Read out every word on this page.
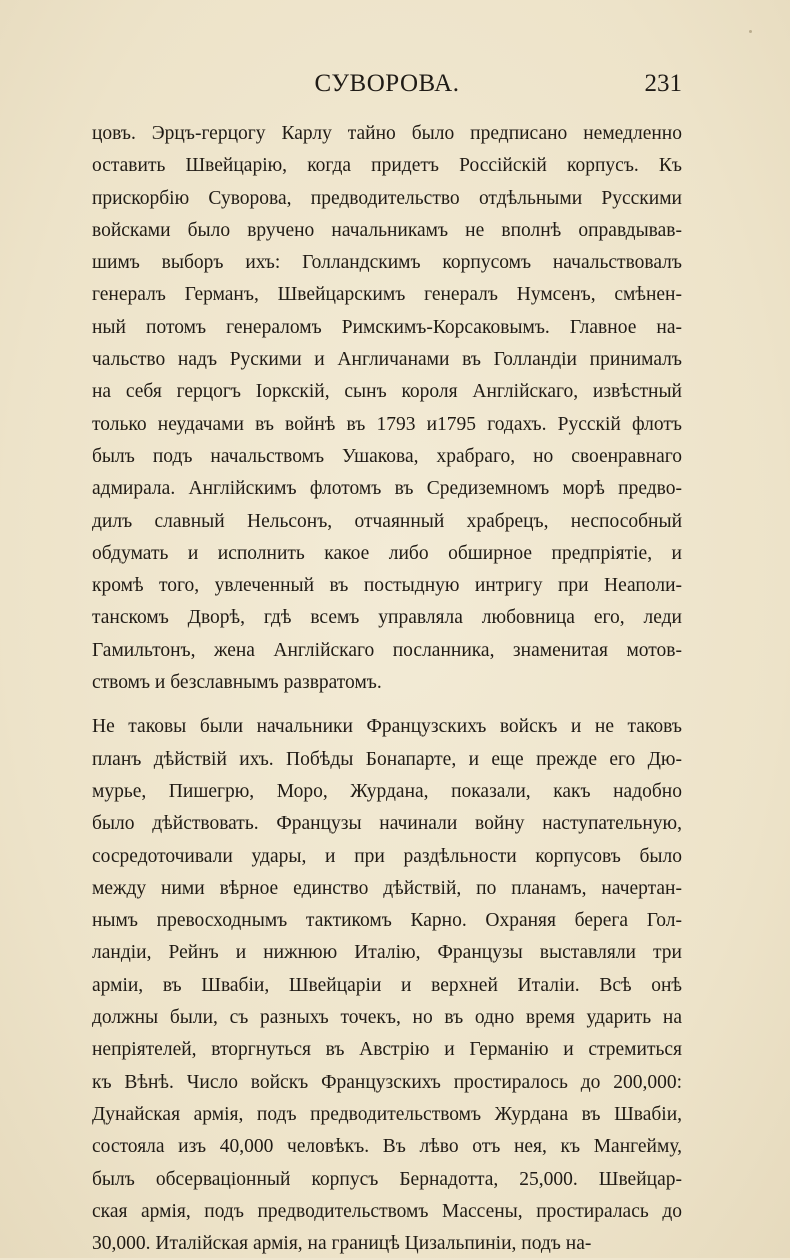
СУВОРОВА.	231

цовъ. Эрцъ-герцогу Карлу тайно было предписано немедленно
оставить Швейцарію, когда придетъ Россійскій корпусъ. Къ
прискорбію Суворова, предводительство отдѣльными Русскими
войсками было вручено начальникамъ не вполнѣ оправдывав-
шимъ выборъ ихъ: Голландскимъ корпусомъ начальствовалъ
генералъ Германъ, Швейцарскимъ генералъ Нумсенъ, смѣнен-
ный потомъ генераломъ Римскимъ-Корсаковымъ. Главное на-
чальство надъ Рускими и Англичанами въ Голландіи принималъ
на себя герцогъ Іоркскій, сынъ короля Англійскаго, извѣстный
только неудачами въ войнѣ въ 1793 и1795 годахъ. Русскій флотъ
былъ подъ начальствомъ Ушакова, храбраго, но своенравнаго
адмирала. Англійскимъ флотомъ въ Средиземномъ морѣ предво-
дилъ славный Нельсонъ, отчаянный храбрецъ, неспособный
обдумать и исполнить какое либо обширное предпріятіе, и
кромѣ того, увлеченный въ постыдную интригу при Неаполи-
танскомъ Дворѣ, гдѣ всемъ управляла любовница его, леди
Гамильтонъ, жена Англійскаго посланника, знаменитая мотов-
ствомъ и безславнымъ развратомъ.

Не таковы были начальники Французскихъ войскъ и не таковъ
планъ дѣйствій ихъ. Побѣды Бонапарте, и еще прежде его Дю-
мурье, Пишегрю, Моро, Журдана, показали, какъ надобно
было дѣйствовать. Французы начинали войну наступательную,
сосредоточивали удары, и при раздѣльности корпусовъ было
между ними вѣрное единство дѣйствій, по планамъ, начертан-
нымъ превосходнымъ тактикомъ Карно. Охраняя берега Гол-
ландіи, Рейнъ и нижнюю Италію, Французы выставляли три
арміи, въ Швабіи, Швейцаріи и верхней Италіи. Всѣ онѣ
должны были, съ разныхъ точекъ, но въ одно время ударить на
непріятелей, вторгнуться въ Австрію и Германію и стремиться
къ Вѣнѣ. Число войскъ Французскихъ простиралось до 200,000:
Дунайская армія, подъ предводительствомъ Журдана въ Швабіи,
состояла изъ 40,000 человѣкъ. Въ лѣво отъ нея, къ Мангейму,
былъ обсерваціонный корпусъ Бернадотта, 25,000. Швейцар-
ская армія, подъ предводительствомъ Массены, простиралась до
30,000. Италійская армія, на границѣ Цизальпиніи, подъ на-
